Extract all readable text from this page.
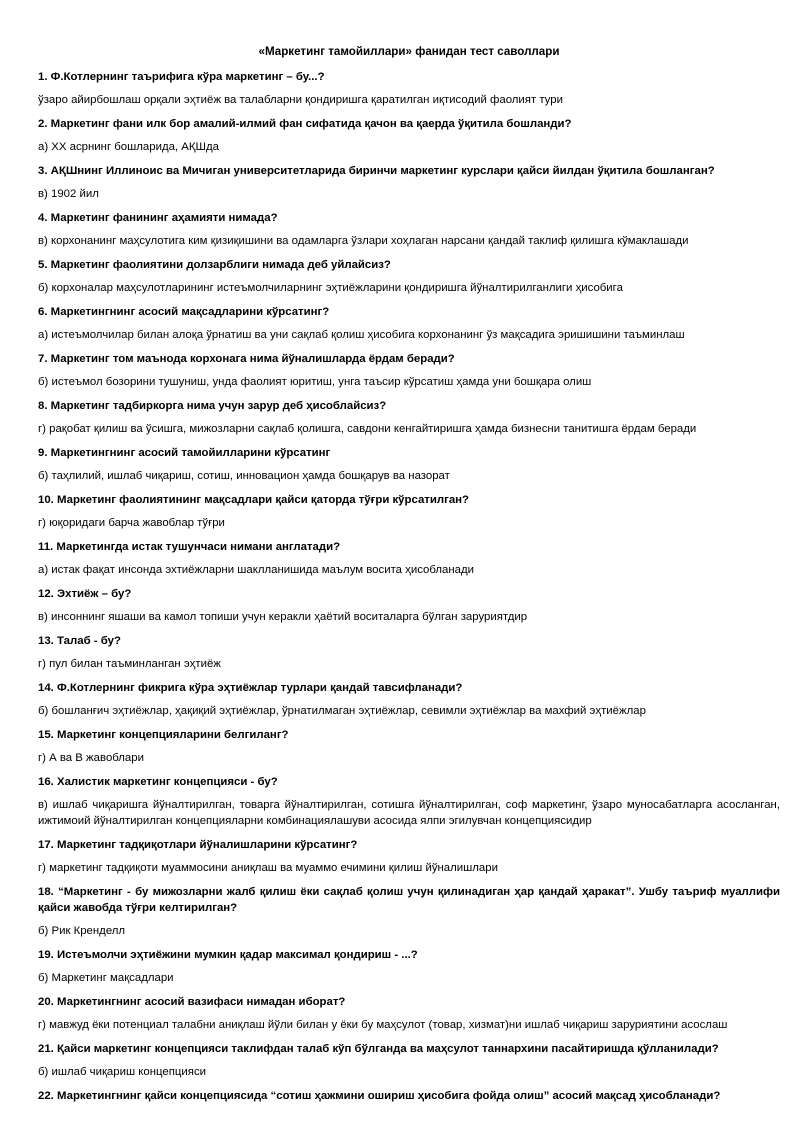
«Маркетинг тамойиллари» фанидан тест саволлари

1. Ф.Котлернинг таърифига кўра маркетинг – бу...?

ўзаро айирбошлаш орқали эҳтиёж ва талабларни қондиришга қаратилган иқтисодий фаолият тури

2. Маркетинг фани илк бор амалий-илмий фан сифатида қачон ва қаерда ўқитила бошланди?

а) XX асрнинг бошларида, АҚШда

3. АҚШнинг Иллиноис ва Мичиган университетларида биринчи маркетинг курслари қайси йилдан ўқитила бошланган?

в) 1902 йил

4. Маркетинг фанининг аҳамияти нимада?

в) корхонанинг маҳсулотига ким қизиқишини ва одамларга ўзлари хоҳлаган нарсани қандай таклиф қилишга кўмаклашади

5. Маркетинг фаолиятини долзарблиги нимада деб уйлайсиз?

б) корхоналар маҳсулотларининг истеъмолчиларнинг эҳтиёжларини қондиришга йўналтирилганлиги ҳисобига

6. Маркетингнинг асосий мақсадларини кўрсатинг?

а) истеъмолчилар билан алоқа ўрнатиш ва уни сақлаб қолиш ҳисобига корхонанинг ўз мақсадига эришишини таъминлаш

7. Маркетинг том маънода корхонага нима йўналишларда ёрдам беради?

б) истеъмол бозорини тушуниш, унда фаолият юритиш, унга таъсир кўрсатиш ҳамда уни бошқара олиш

8. Маркетинг тадбиркорга нима учун зарур деб ҳисоблайсиз?

г) рақобат қилиш ва ўсишга, мижозларни сақлаб қолишга, савдони кенгайтиришга ҳамда бизнесни танитишга ёрдам беради

9. Маркетингнинг асосий тамойилларини кўрсатинг

б) таҳлилий, ишлаб чиқариш, сотиш, инновацион ҳамда бошқарув ва назорат

10. Маркетинг фаолиятининг мақсадлари қайси қаторда тўғри кўрсатилган?

г) юқоридаги барча жавоблар тўғри

11. Маркетингда истак тушунчаси нимани англатади?

а) истак фақат инсонда эхтиёжларни шаклланишида маълум восита ҳисобланади

12. Эхтиёж – бу?

в) инсоннинг яшаши ва камол топиши учун керакли ҳаётий воситаларга бўлган заруриятдир

13. Талаб - бу?

г) пул билан таъминланган эҳтиёж

14. Ф.Котлернинг фикрига кўра эҳтиёжлар турлари қандай тавсифланади?

б) бошланғич эҳтиёжлар, ҳақиқий эҳтиёжлар, ўрнатилмаган эҳтиёжлар, севимли эҳтиёжлар ва махфий эҳтиёжлар

15. Маркетинг концепцияларини белгиланг?

г) А ва В жавоблари

16. Халистик маркетинг концепцияси - бу?

в) ишлаб чиқаришга йўналтирилган, товарга йўналтирилган, сотишга йўналтирилган, соф маркетинг, ўзаро муносабатларга асосланган, ижтимоий йўналтирилган концепцияларни комбинациялашуви асосида ялпи эгилувчан концепциясидир

17. Маркетинг тадқиқотлари йўналишларини кўрсатинг?

г) маркетинг тадқиқоти муаммосини аниқлаш ва муаммо ечимини қилиш йўналишлари

18. “Маркетинг - бу мижозларни жалб қилиш ёки сақлаб қолиш учун қилинадиган ҳар қандай ҳаракат”. Ушбу таъриф муаллифи қайси жавобда тўғри келтирилган?

б) Рик Кренделл

19. Истеъмолчи эҳтиёжини мумкин қадар максимал қондириш - ...?

б) Маркетинг мақсадлари

20. Маркетингнинг асосий вазифаси нимадан иборат?

г) мавжуд ёки потенциал талабни аниқлаш йўли билан у ёки бу маҳсулот (товар, хизмат)ни ишлаб чиқариш заруриятини асослаш

21. Қайси маркетинг концепцияси таклифдан талаб кўп бўлганда ва маҳсулот таннархини пасайтиришда қўлланилади?

б) ишлаб чиқариш концепцияси

22. Маркетингнинг қайси концепциясида “сотиш ҳажмини ошириш ҳисобига фойда олиш” асосий мақсад ҳисобланади?
